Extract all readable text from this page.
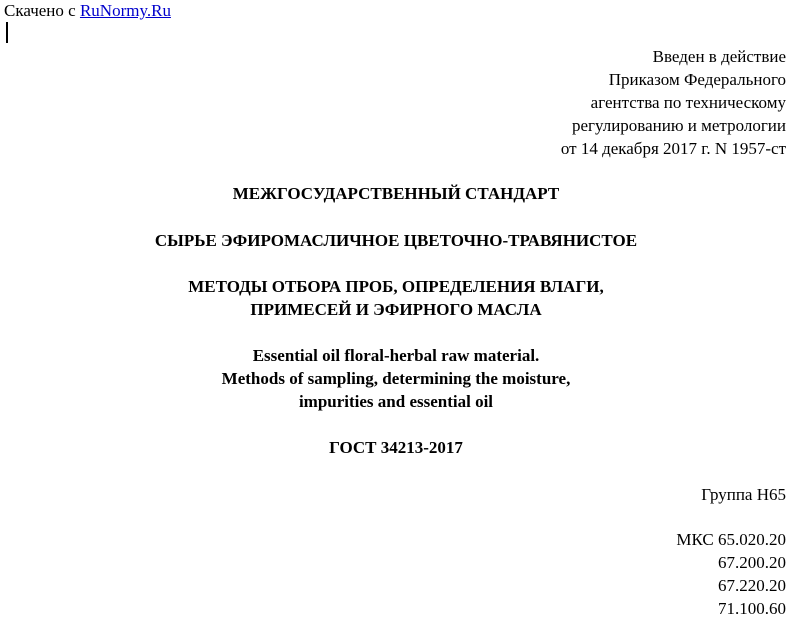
Скачено с RuNormy.Ru
Введен в действие
Приказом Федерального
агентства по техническому
регулированию и метрологии
от 14 декабря 2017 г. N 1957-ст
МЕЖГОСУДАРСТВЕННЫЙ СТАНДАРТ
СЫРЬЕ ЭФИРОМАСЛИЧНОЕ ЦВЕТОЧНО-ТРАВЯНИСТОЕ
МЕТОДЫ ОТБОРА ПРОБ, ОПРЕДЕЛЕНИЯ ВЛАГИ,
ПРИМЕСЕЙ И ЭФИРНОГО МАСЛА
Essential oil floral-herbal raw material.
Methods of sampling, determining the moisture,
impurities and essential oil
ГОСТ 34213-2017
Группа Н65
МКС 65.020.20
67.200.20
67.220.20
71.100.60
